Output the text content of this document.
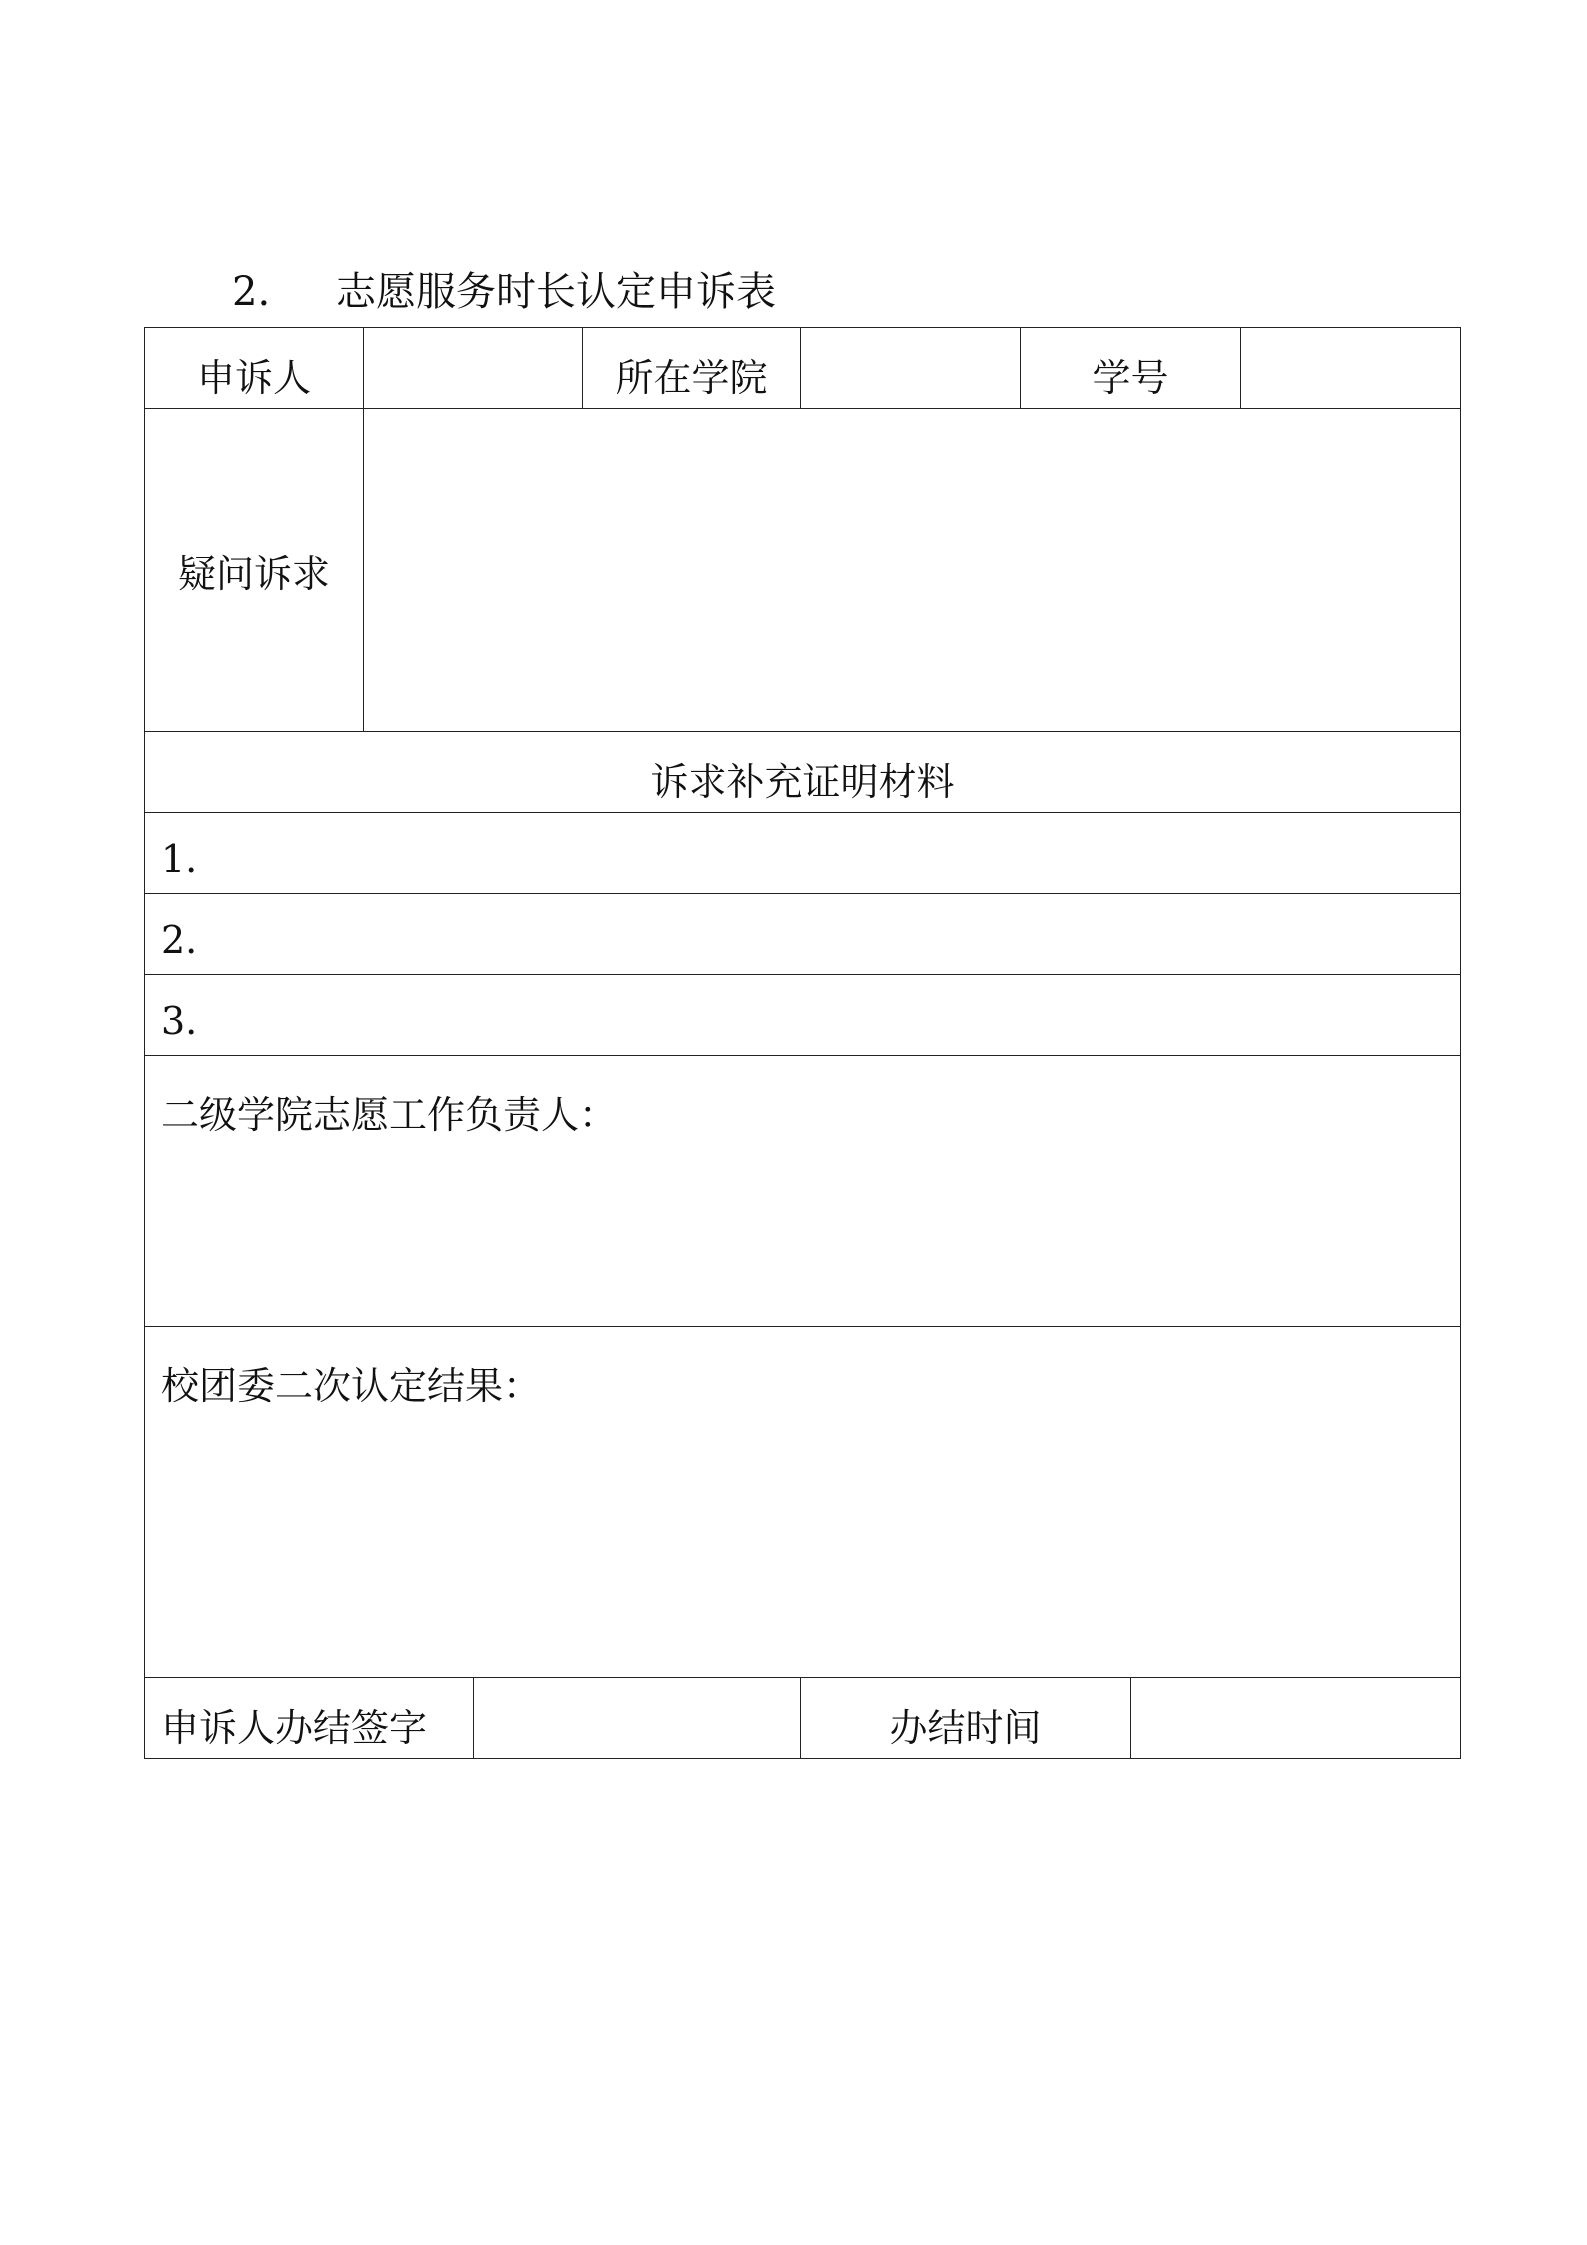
2. 志愿服务时长认定申诉表
申诉人			所在学院		学号		
疑问诉求							
诉求补充证明材料							
1.							
2.							
3.							
二级学院志愿工作负责人：							
校团委二次认定结果：							
申诉人办结签字				办结时间			
